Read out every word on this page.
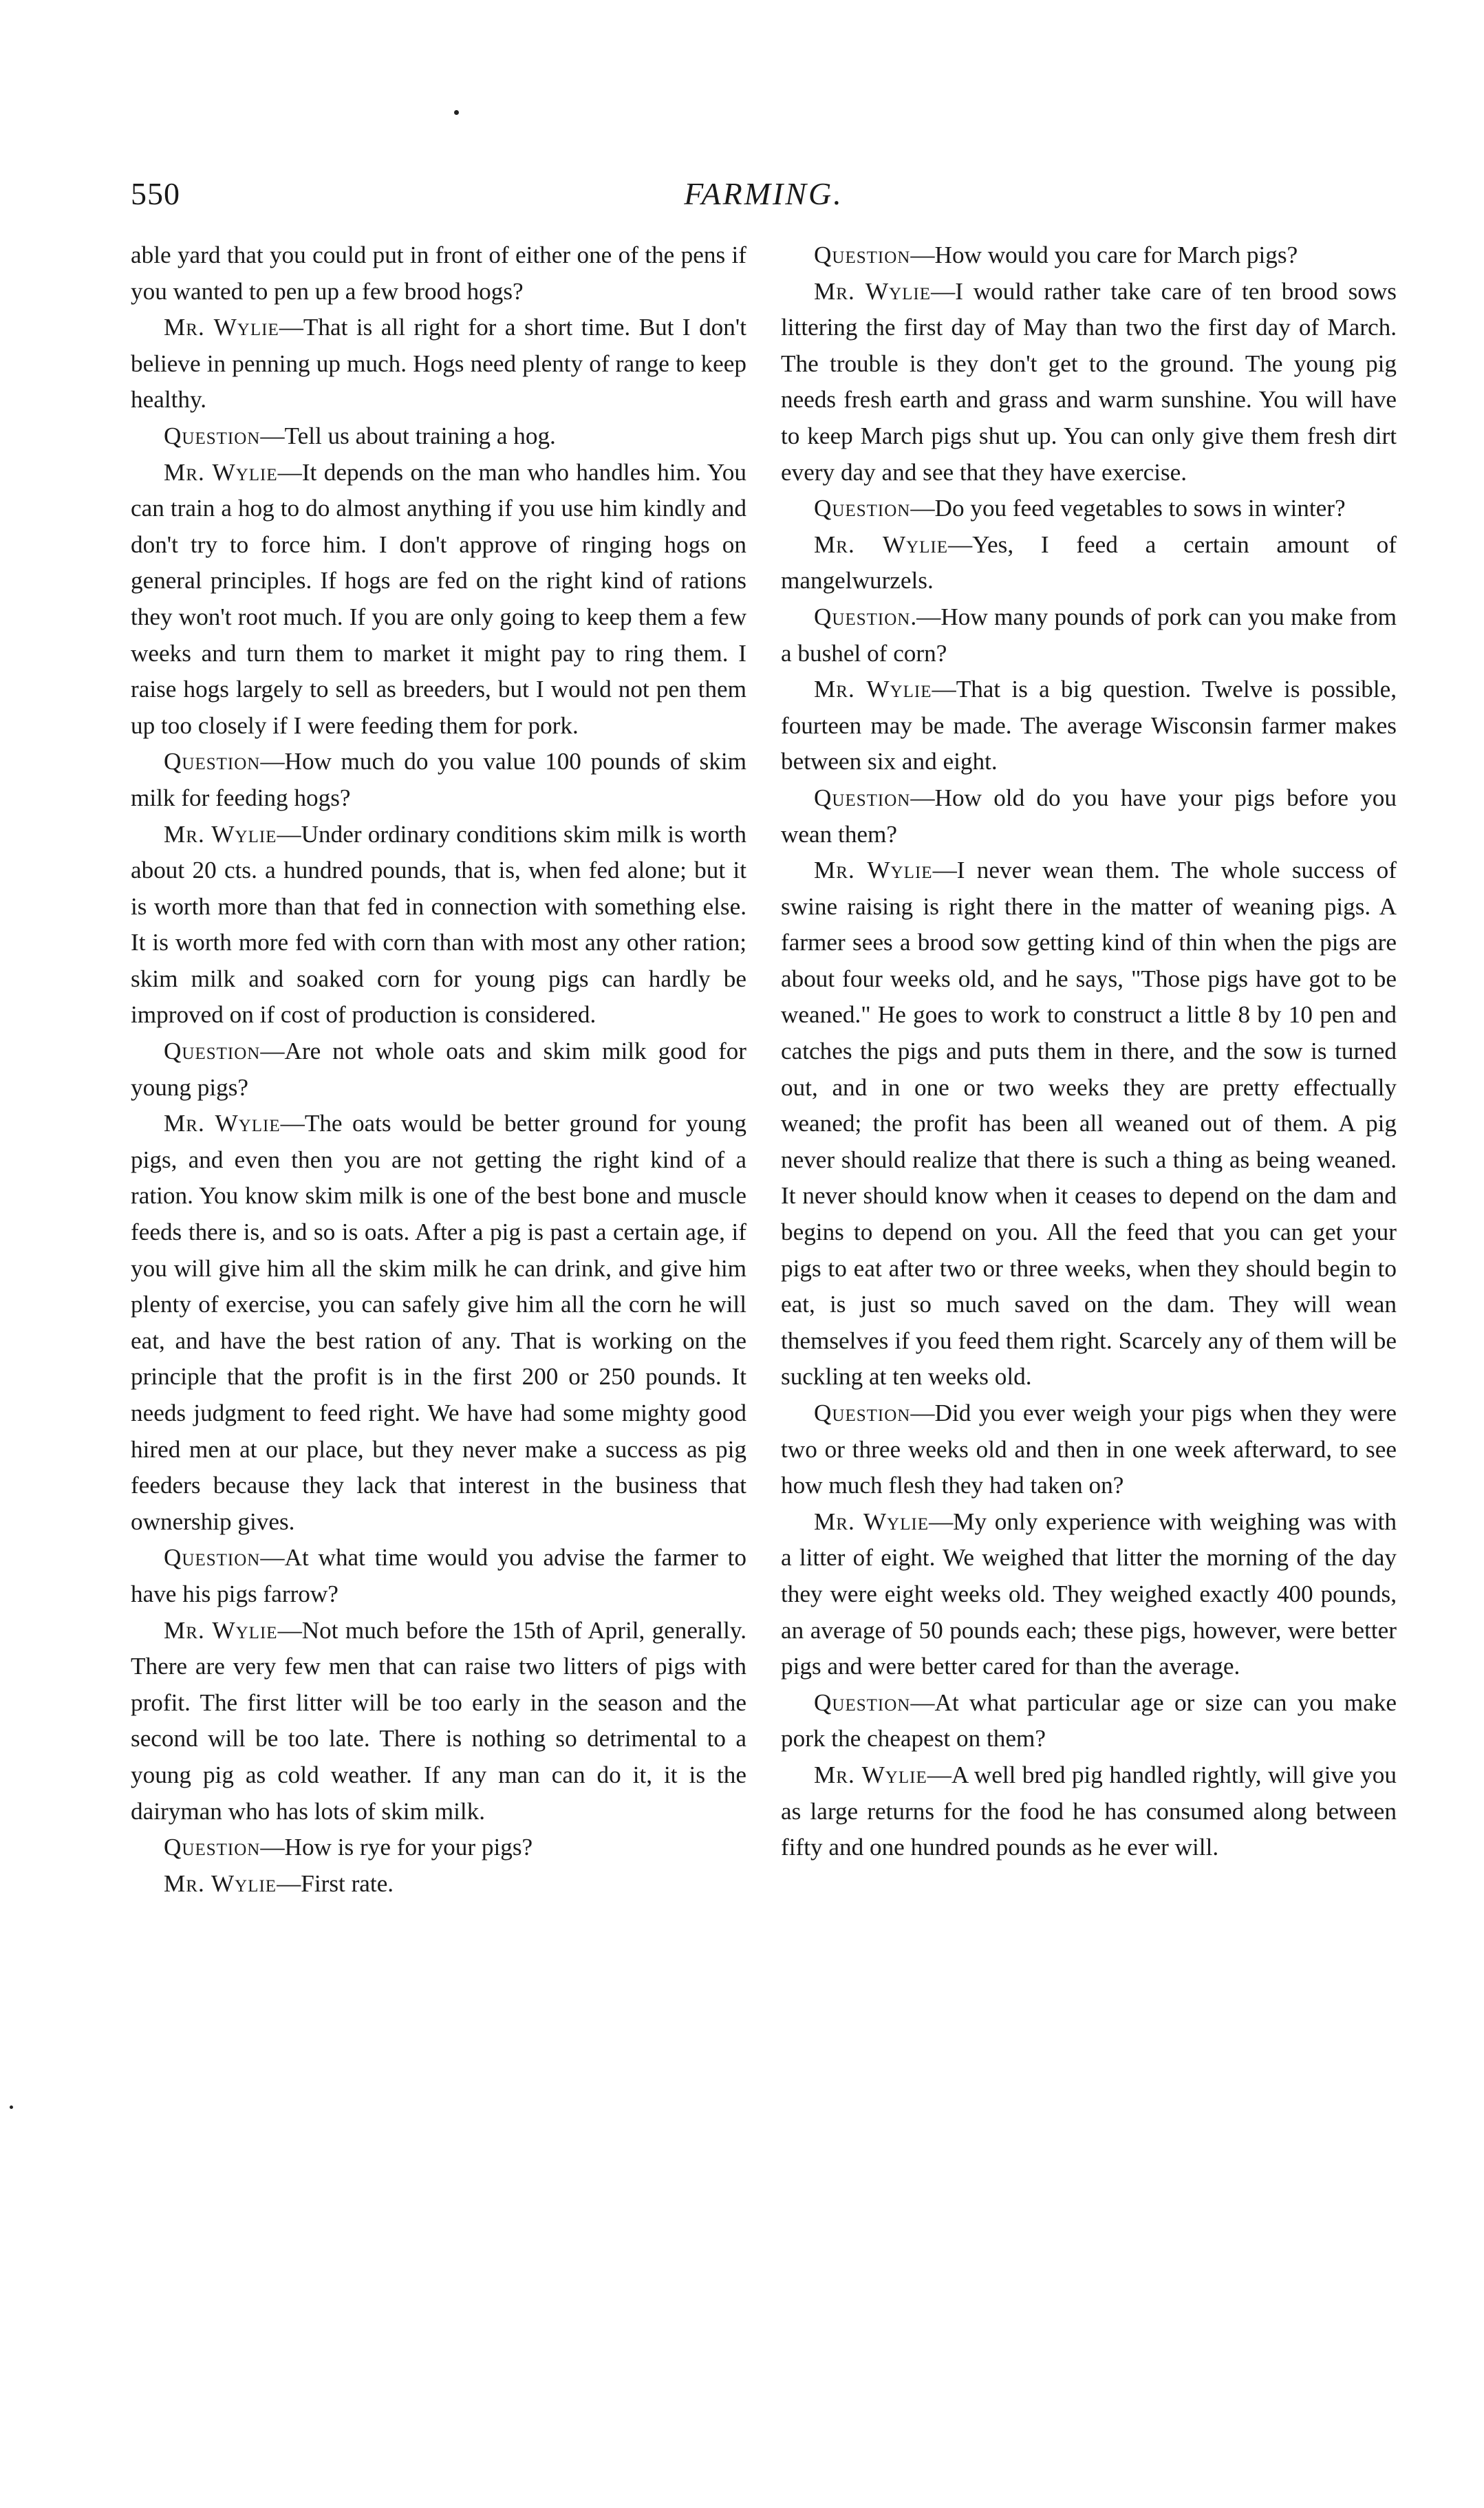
550	FARMING.

able yard that you could put in front of either one of the pens if you wanted to pen up a few brood hogs?

Mr. Wylie—That is all right for a short time. But I don't believe in penning up much. Hogs need plenty of range to keep healthy.

Question—Tell us about training a hog.

Mr. Wylie—It depends on the man who handles him. You can train a hog to do almost anything if you use him kindly and don't try to force him. I don't approve of ringing hogs on general principles. If hogs are fed on the right kind of rations they won't root much. If you are only going to keep them a few weeks and turn them to market it might pay to ring them. I raise hogs largely to sell as breeders, but I would not pen them up too closely if I were feeding them for pork.

Question—How much do you value 100 pounds of skim milk for feeding hogs?

Mr. Wylie—Under ordinary conditions skim milk is worth about 20 cts. a hundred pounds, that is, when fed alone; but it is worth more than that fed in connection with something else. It is worth more fed with corn than with most any other ration; skim milk and soaked corn for young pigs can hardly be improved on if cost of production is considered.

Question—Are not whole oats and skim milk good for young pigs?

Mr. Wylie—The oats would be better ground for young pigs, and even then you are not getting the right kind of a ration. You know skim milk is one of the best bone and muscle feeds there is, and so is oats. After a pig is past a certain age, if you will give him all the skim milk he can drink, and give him plenty of exercise, you can safely give him all the corn he will eat, and have the best ration of any. That is working on the principle that the profit is in the first 200 or 250 pounds. It needs judgment to feed right. We have had some mighty good hired men at our place, but they never make a success as pig feeders because they lack that interest in the business that ownership gives.

Question—At what time would you advise the farmer to have his pigs farrow?

Mr. Wylie—Not much before the 15th of April, generally. There are very few men that can raise two litters of pigs with profit. The first litter will be too early in the season and the second will be too late. There is nothing so detrimental to a young pig as cold weather. If any man can do it, it is the dairyman who has lots of skim milk.

Question—How is rye for your pigs?

Mr. Wylie—First rate.

Question—How would you care for March pigs?

Mr. Wylie—I would rather take care of ten brood sows littering the first day of May than two the first day of March. The trouble is they don't get to the ground. The young pig needs fresh earth and grass and warm sunshine. You will have to keep March pigs shut up. You can only give them fresh dirt every day and see that they have exercise.

Question—Do you feed vegetables to sows in winter?

Mr. Wylie—Yes, I feed a certain amount of mangelwurzels.

Question.—How many pounds of pork can you make from a bushel of corn?

Mr. Wylie—That is a big question. Twelve is possible, fourteen may be made. The average Wisconsin farmer makes between six and eight.

Question—How old do you have your pigs before you wean them?

Mr. Wylie—I never wean them. The whole success of swine raising is right there in the matter of weaning pigs. A farmer sees a brood sow getting kind of thin when the pigs are about four weeks old, and he says, "Those pigs have got to be weaned." He goes to work to construct a little 8 by 10 pen and catches the pigs and puts them in there, and the sow is turned out, and in one or two weeks they are pretty effectually weaned; the profit has been all weaned out of them. A pig never should realize that there is such a thing as being weaned. It never should know when it ceases to depend on the dam and begins to depend on you. All the feed that you can get your pigs to eat after two or three weeks, when they should begin to eat, is just so much saved on the dam. They will wean themselves if you feed them right. Scarcely any of them will be suckling at ten weeks old.

Question—Did you ever weigh your pigs when they were two or three weeks old and then in one week afterward, to see how much flesh they had taken on?

Mr. Wylie—My only experience with weighing was with a litter of eight. We weighed that litter the morning of the day they were eight weeks old. They weighed exactly 400 pounds, an average of 50 pounds each; these pigs, however, were better pigs and were better cared for than the average.

Question—At what particular age or size can you make pork the cheapest on them?

Mr. Wylie—A well bred pig handled rightly, will give you as large returns for the food he has consumed along between fifty and one hundred pounds as he ever will.
